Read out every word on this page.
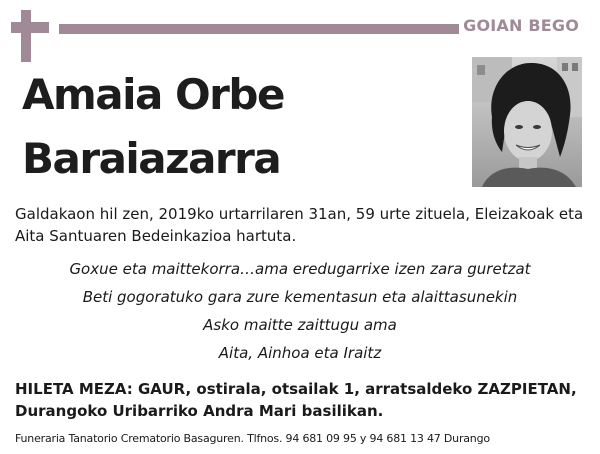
GOIAN BEGO
Amaia Orbe
Baraiazarra
Galdakaon hil zen, 2019ko urtarrilaren 31an, 59 urte zituela, Eleizakoak eta Aita Santuaren Bedeinkazioa hartuta.
Goxue eta maittekorra…ama eredugarrixe izen zara guretzat
Beti gogoratuko gara zure kementasun eta alaittasunekin
Asko maitte zaittugu ama
Aita, Ainhoa eta Iraitz
HILETA MEZA: GAUR, ostirala, otsailak 1, arratsaldeko ZAZPIETAN, Durangoko Uribarriko Andra Mari basilikan.
Funeraria Tanatorio Crematorio Basaguren. Tlfnos. 94 681 09 95 y 94 681 13 47 Durango
